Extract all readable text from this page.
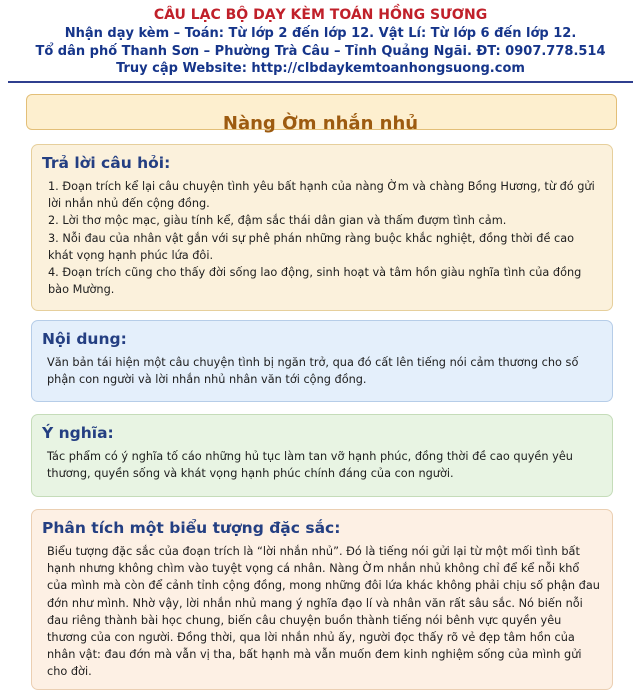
CÂU LẠC BỘ DẠY KÈM TOÁN HỒNG SƯƠNG
Nhận dạy kèm – Toán: Từ lớp 2 đến lớp 12. Vật Lí: Từ lớp 6 đến lớp 12.
Tổ dân phố Thanh Sơn – Phường Trà Câu – Tỉnh Quảng Ngãi. ĐT: 0907.778.514
Truy cập Website: http://clbdaykemtoanhongsuong.com
Nàng Ờm nhắn nhủ
Trả lời câu hỏi:
1. Đoạn trích kể lại câu chuyện tình yêu bất hạnh của nàng Ờm và chàng Bồng Hương, từ đó gửi lời nhắn nhủ đến cộng đồng.
2. Lời thơ mộc mạc, giàu tính kể, đậm sắc thái dân gian và thấm đượm tình cảm.
3. Nỗi đau của nhân vật gắn với sự phê phán những ràng buộc khắc nghiệt, đồng thời đề cao khát vọng hạnh phúc lứa đôi.
4. Đoạn trích cũng cho thấy đời sống lao động, sinh hoạt và tâm hồn giàu nghĩa tình của đồng bào Mường.
Nội dung:

Văn bản tái hiện một câu chuyện tình bị ngăn trở, qua đó cất lên tiếng nói cảm thương cho số phận con người và lời nhắn nhủ nhân văn tới cộng đồng.

Ý nghĩa:

Tác phẩm có ý nghĩa tố cáo những hủ tục làm tan vỡ hạnh phúc, đồng thời đề cao quyền yêu thương, quyền sống và khát vọng hạnh phúc chính đáng của con người.

Phân tích một biểu tượng đặc sắc:

Biểu tượng đặc sắc của đoạn trích là “lời nhắn nhủ”. Đó là tiếng nói gửi lại từ một mối tình bất hạnh nhưng không chìm vào tuyệt vọng cá nhân. Nàng Ờm nhắn nhủ không chỉ để kể nỗi khổ của mình mà còn để cảnh tỉnh cộng đồng, mong những đôi lứa khác không phải chịu số phận đau đớn như mình. Nhờ vậy, lời nhắn nhủ mang ý nghĩa đạo lí và nhân văn rất sâu sắc. Nó biến nỗi đau riêng thành bài học chung, biến câu chuyện buồn thành tiếng nói bênh vực quyền yêu thương của con người. Đồng thời, qua lời nhắn nhủ ấy, người đọc thấy rõ vẻ đẹp tâm hồn của nhân vật: đau đớn mà vẫn vị tha, bất hạnh mà vẫn muốn đem kinh nghiệm sống của mình gửi cho đời.
